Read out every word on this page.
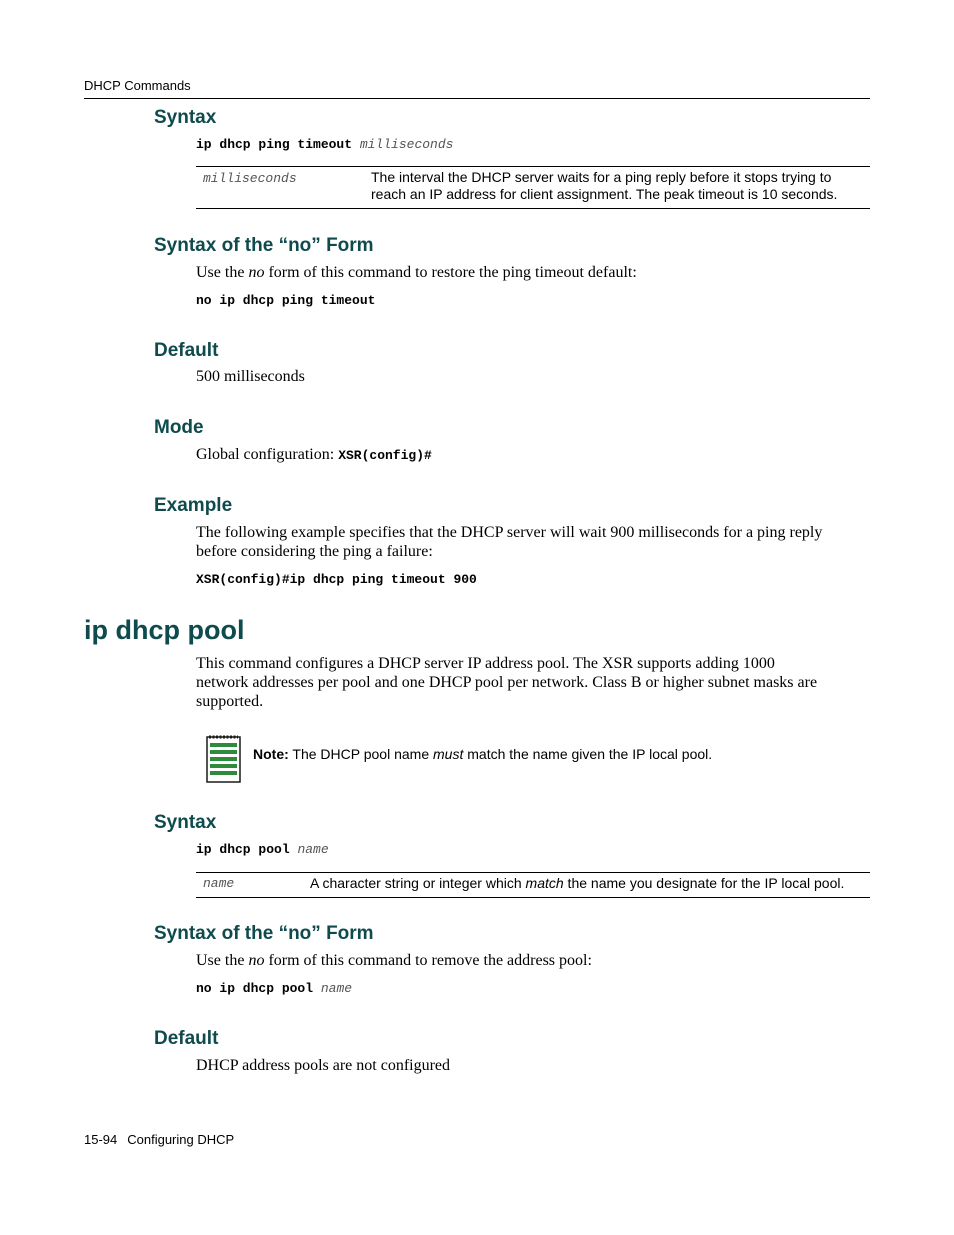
DHCP Commands
Syntax
ip dhcp ping timeout milliseconds
milliseconds	The interval the DHCP server waits for a ping reply before it stops trying to
reach an IP address for client assignment. The peak timeout is 10 seconds.
Syntax of the “no” Form
Use the no form of this command to restore the ping timeout default:
no ip dhcp ping timeout
Default
500 milliseconds
Mode
Global configuration: XSR(config)#
Example
The following example specifies that the DHCP server will wait 900 milliseconds for a ping reply
before considering the ping a failure:
XSR(config)#ip dhcp ping timeout 900
ip dhcp pool
This command configures a DHCP server IP address pool. The XSR supports adding 1000
network addresses per pool and one DHCP pool per network. Class B or higher subnet masks are
supported.
Note: The DHCP pool name must match the name given the IP local pool.
Syntax
ip dhcp pool name
name	A character string or integer which match the name you designate for the IP local pool.
Syntax of the “no” Form
Use the no form of this command to remove the address pool:
no ip dhcp pool name
Default
DHCP address pools are not configured
15-94 Configuring DHCP
